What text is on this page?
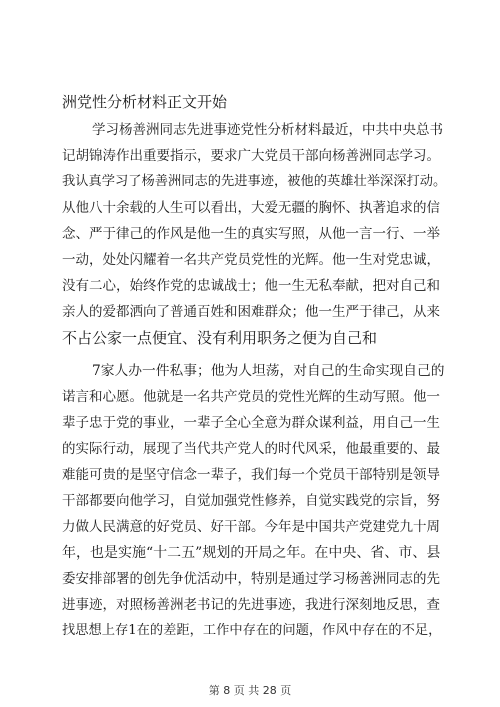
洲党性分析材料正文开始
学习杨善洲同志先进事迹党性分析材料最近，中共中央总书
记胡锦涛作出重要指示，要求广大党员干部向杨善洲同志学习。
我认真学习了杨善洲同志的先进事迹，被他的英雄壮举深深打动。
从他八十余载的人生可以看出，大爱无疆的胸怀、执著追求的信
念、严于律己的作风是他一生的真实写照，从他一言一行、一举
一动，处处闪耀着一名共产党员党性的光辉。他一生对党忠诚，
没有二心，始终作党的忠诚战士；他一生无私奉献，把对自己和
亲人的爱都洒向了普通百姓和困难群众；他一生严于律己，从来
不占公家一点便宜、没有利用职务之便为自己和
7家人办一件私事；他为人坦荡，对自己的生命实现自己的
诺言和心愿。他就是一名共产党员的党性光辉的生动写照。他一
辈子忠于党的事业，一辈子全心全意为群众谋利益，用自己一生
的实际行动，展现了当代共产党人的时代风采，他最重要的、最
难能可贵的是坚守信念一辈子，我们每一个党员干部特别是领导
干部都要向他学习，自觉加强党性修养，自觉实践党的宗旨，努
力做人民满意的好党员、好干部。今年是中国共产党建党九十周
年，也是实施“十二五”规划的开局之年。在中央、省、市、县
委安排部署的创先争优活动中，特别是通过学习杨善洲同志的先
进事迹，对照杨善洲老书记的先进事迹，我进行深刻地反思，查
找思想上存1在的差距，工作中存在的问题，作风中存在的不足，
第 8 页 共 28 页
